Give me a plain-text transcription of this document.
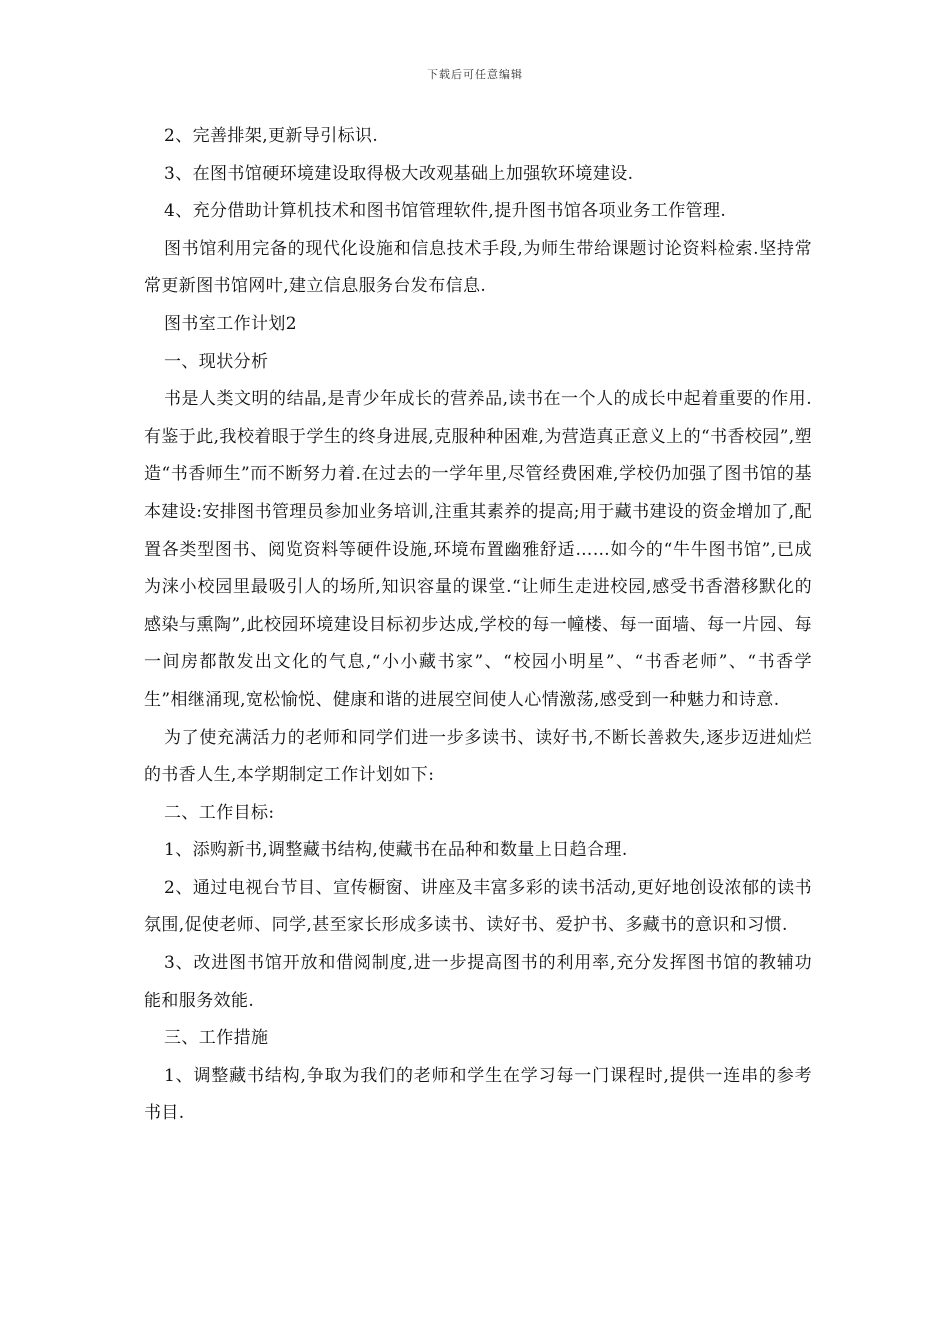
下载后可任意编辑

2、完善排架,更新导引标识.

3、在图书馆硬环境建设取得极大改观基础上加强软环境建设.

4、充分借助计算机技术和图书馆管理软件,提升图书馆各项业务工作管理.

图书馆利用完备的现代化设施和信息技术手段,为师生带给课题讨论资料检索.坚持常常更新图书馆网叶,建立信息服务台发布信息.

图书室工作计划2

一、现状分析

书是人类文明的结晶,是青少年成长的营养品,读书在一个人的成长中起着重要的作用.有鉴于此,我校着眼于学生的终身进展,克服种种困难,为营造真正意义上的“书香校园”,塑造“书香师生”而不断努力着.在过去的一学年里,尽管经费困难,学校仍加强了图书馆的基本建设:安排图书管理员参加业务培训,注重其素养的提高;用于藏书建设的资金增加了,配置各类型图书、阅览资料等硬件设施,环境布置幽雅舒适……如今的“牛牛图书馆”,已成为涞小校园里最吸引人的场所,知识容量的课堂.“让师生走进校园,感受书香潜移默化的感染与熏陶”,此校园环境建设目标初步达成,学校的每一幢楼、每一面墙、每一片园、每一间房都散发出文化的气息,“小小藏书家”、“校园小明星”、“书香老师”、“书香学生”相继涌现,宽松愉悦、健康和谐的进展空间使人心情激荡,感受到一种魅力和诗意.

为了使充满活力的老师和同学们进一步多读书、读好书,不断长善救失,逐步迈进灿烂的书香人生,本学期制定工作计划如下:

二、工作目标:

1、添购新书,调整藏书结构,使藏书在品种和数量上日趋合理.

2、通过电视台节目、宣传橱窗、讲座及丰富多彩的读书活动,更好地创设浓郁的读书氛围,促使老师、同学,甚至家长形成多读书、读好书、爱护书、多藏书的意识和习惯.

3、改进图书馆开放和借阅制度,进一步提高图书的利用率,充分发挥图书馆的教辅功能和服务效能.

三、工作措施

1、调整藏书结构,争取为我们的老师和学生在学习每一门课程时,提供一连串的参考书目.
